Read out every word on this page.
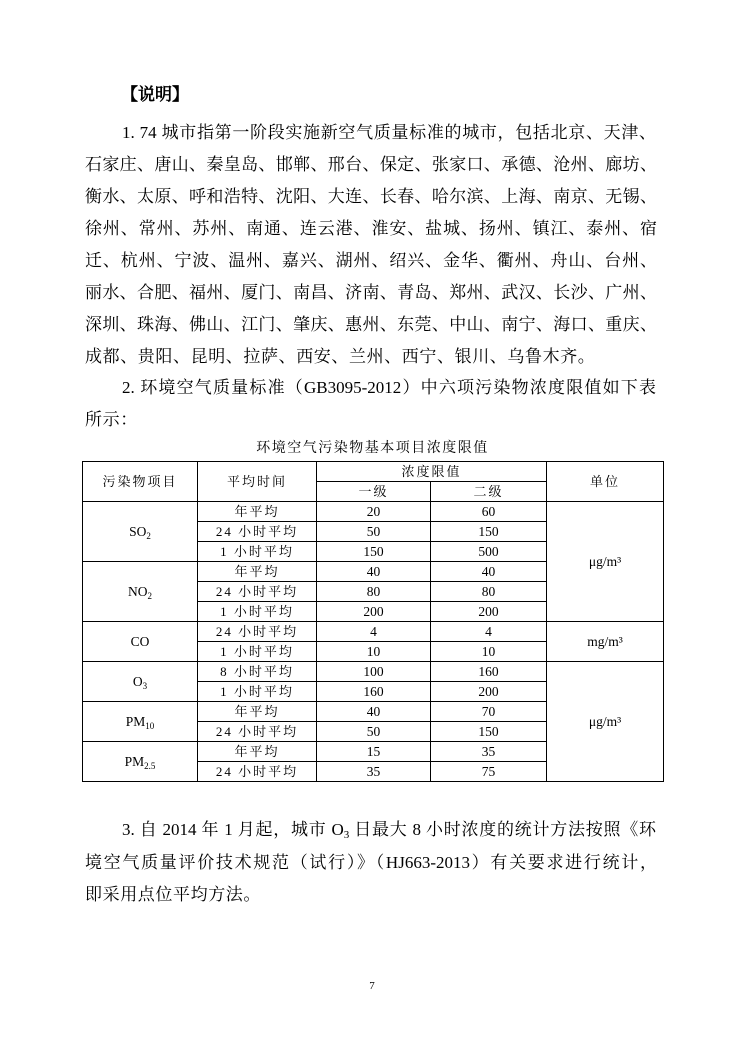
【说明】
1. 74 城市指第一阶段实施新空气质量标准的城市，包括北京、天津、
石家庄、唐山、秦皇岛、邯郸、邢台、保定、张家口、承德、沧州、廊坊、
衡水、太原、呼和浩特、沈阳、大连、长春、哈尔滨、上海、南京、无锡、
徐州、常州、苏州、南通、连云港、淮安、盐城、扬州、镇江、泰州、宿
迁、杭州、宁波、温州、嘉兴、湖州、绍兴、金华、衢州、舟山、台州、
丽水、合肥、福州、厦门、南昌、济南、青岛、郑州、武汉、长沙、广州、
深圳、珠海、佛山、江门、肇庆、惠州、东莞、中山、南宁、海口、重庆、
成都、贵阳、昆明、拉萨、西安、兰州、西宁、银川、乌鲁木齐。
2. 环境空气质量标准（GB3095-2012）中六项污染物浓度限值如下表
所示：
环境空气污染物基本项目浓度限值
污染物项目	平均时间	浓度限值		单位
		一级	二级	
$SO_2$	年平均	20	60	μg/m³
	24 小时平均	50	150	
	1 小时平均	150	500	
$NO_2$	年平均	40	40	
	24 小时平均	80	80	
	1 小时平均	200	200	
CO	24 小时平均	4	4	mg/m³
	1 小时平均	10	10	
$O_3$	8 小时平均	100	160	μg/m³
	1 小时平均	160	200	
$PM_{10}$	年平均	40	70	
	24 小时平均	50	150	
$PM_{2.5}$	年平均	15	35	
	24 小时平均	35	75	
3. 自 2014 年 1 月起，城市 $O_3$ 日最大 8 小时浓度的统计方法按照《环
境空气质量评价技术规范（试行）》（HJ663-2013）有关要求进行统计，
即采用点位平均方法。
7
